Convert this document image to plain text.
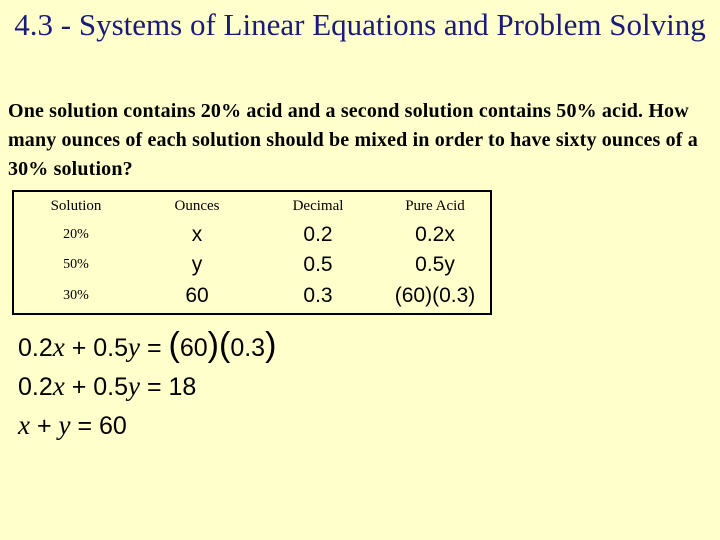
4.3 - Systems of Linear Equations and Problem Solving
One solution contains 20% acid and a second solution contains 50% acid. How many ounces of each solution should be mixed in order to have sixty ounces of a 30% solution?
Solution	Ounces	Decimal	Pure Acid
20%	x	0.2	0.2x
50%	y	0.5	0.5y
30%	60	0.3	(60)(0.3)
0.2x + 0.5y = (60)(0.3)
0.2x + 0.5y = 18
x + y = 60
